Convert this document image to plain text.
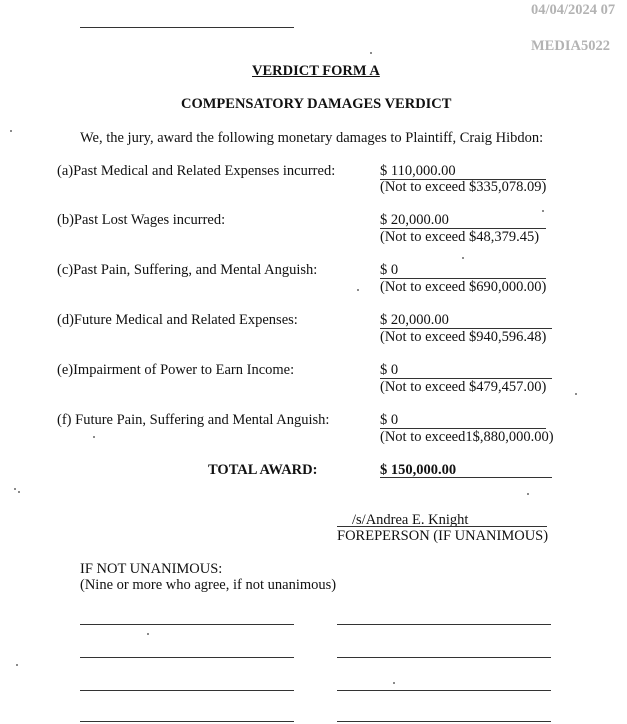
04/04/2024 07
MEDIA5022
VERDICT FORM A
COMPENSATORY DAMAGES VERDICT
We, the jury, award the following monetary damages to Plaintiff, Craig Hibdon:
(a)Past Medical and Related Expenses incurred:	$ 110,000.00
(Not to exceed $335,078.09)
(b)Past Lost Wages incurred:	$ 20,000.00
(Not to exceed $48,379.45)
(c)Past Pain, Suffering, and Mental Anguish:	$ 0
(Not to exceed $690,000.00)
(d)Future Medical and Related Expenses:	$ 20,000.00
(Not to exceed $940,596.48)
(e)Impairment of Power to Earn Income:	$ 0
(Not to exceed $479,457.00)
(f) Future Pain, Suffering and Mental Anguish:	$ 0
(Not to exceed1$,880,000.00)
TOTAL AWARD:	$ 150,000.00
/s/Andrea E. Knight
FOREPERSON (IF UNANIMOUS)
IF NOT UNANIMOUS:
(Nine or more who agree, if not unanimous)
